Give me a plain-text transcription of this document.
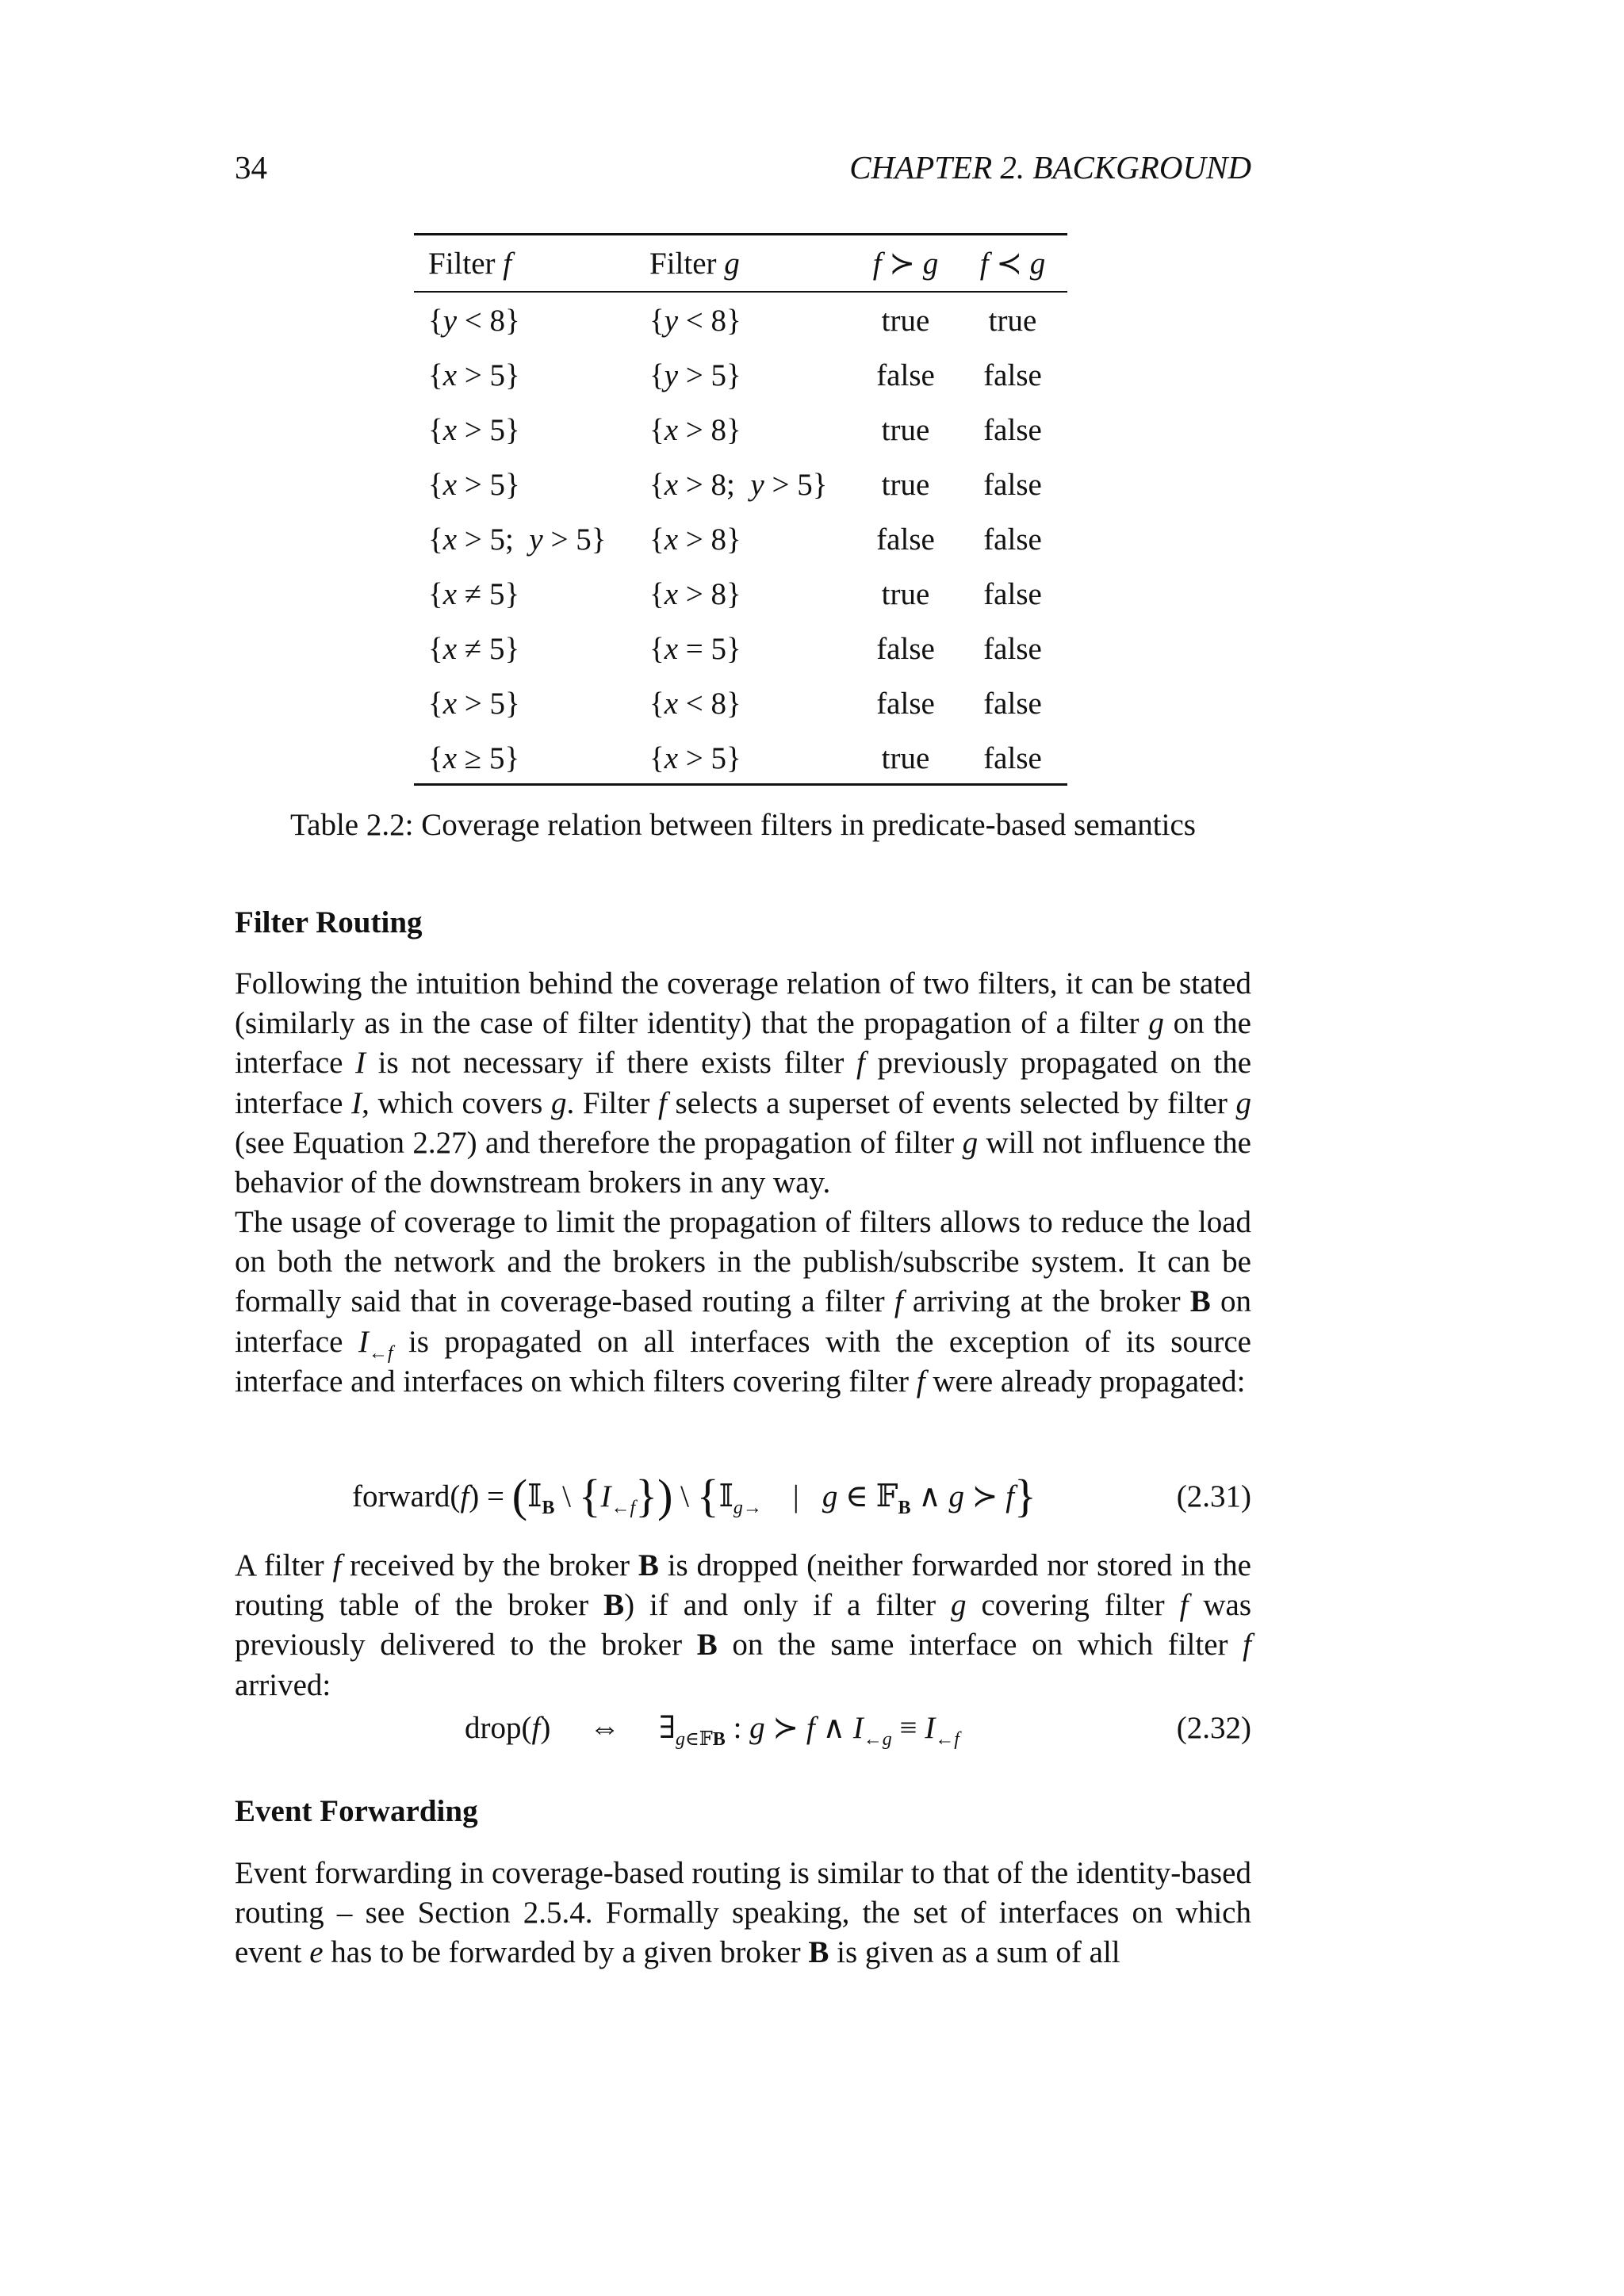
34	CHAPTER 2. BACKGROUND
Filter f	Filter g	f ≻ g f ≺ g
{y < 8}	{y < 8}	true	true
{x > 5}	{y > 5}	false	false
{x > 5}	{x > 8}	true	false
{x > 5}	{x > 8;  y > 5}	true	false
{x > 5;  y > 5} {x > 8}	false	false
{x ≠ 5}	{x > 8}	true	false
{x ≠ 5}	{x = 5}	false	false
{x > 5}	{x < 8}	false	false
{x ≥ 5}	{x > 5}	true	false
Table 2.2: Coverage relation between filters in predicate-based semantics
Filter Routing

Following the intuition behind the coverage relation of two filters, it can be stated (similarly as in the case of filter identity) that the propagation of a filter g on the interface I is not necessary if there exists filter f previously propagated on the interface I, which covers g. Filter f selects a superset of events selected by filter g (see Equation 2.27) and therefore the propagation of filter g will not influence the behavior of the downstream brokers in any way.

The usage of coverage to limit the propagation of filters allows to reduce the load on both the network and the brokers in the publish/subscribe system. It can be formally said that in coverage-based routing a filter f arriving at the broker B on interface $I_{\leftarrow f}$ is propagated on all interfaces with the exception of its source interface and interfaces on which filters covering filter f were already propagated:

forward(f) = (𝕀$_B$ \ $\{I_{\leftarrow f}\}$) \ {𝕀$_{g\to}$    |   g ∈ 𝔽$_B$ ∧ g ≻ f}	(2.31)

A filter f received by the broker B is dropped (neither forwarded nor stored in the routing table of the broker B) if and only if a filter g covering filter f was previously delivered to the broker B on the same interface on which filter f arrived:

drop(f)     ⇔     $\exists_{g\in 𝔽B}$ : g ≻ f ∧ $I_{\leftarrow g} \equiv I_{\leftarrow f}$	(2.32)
Event Forwarding

Event forwarding in coverage-based routing is similar to that of the identity-based routing – see Section 2.5.4. Formally speaking, the set of interfaces on which event e has to be forwarded by a given broker B is given as a sum of all
